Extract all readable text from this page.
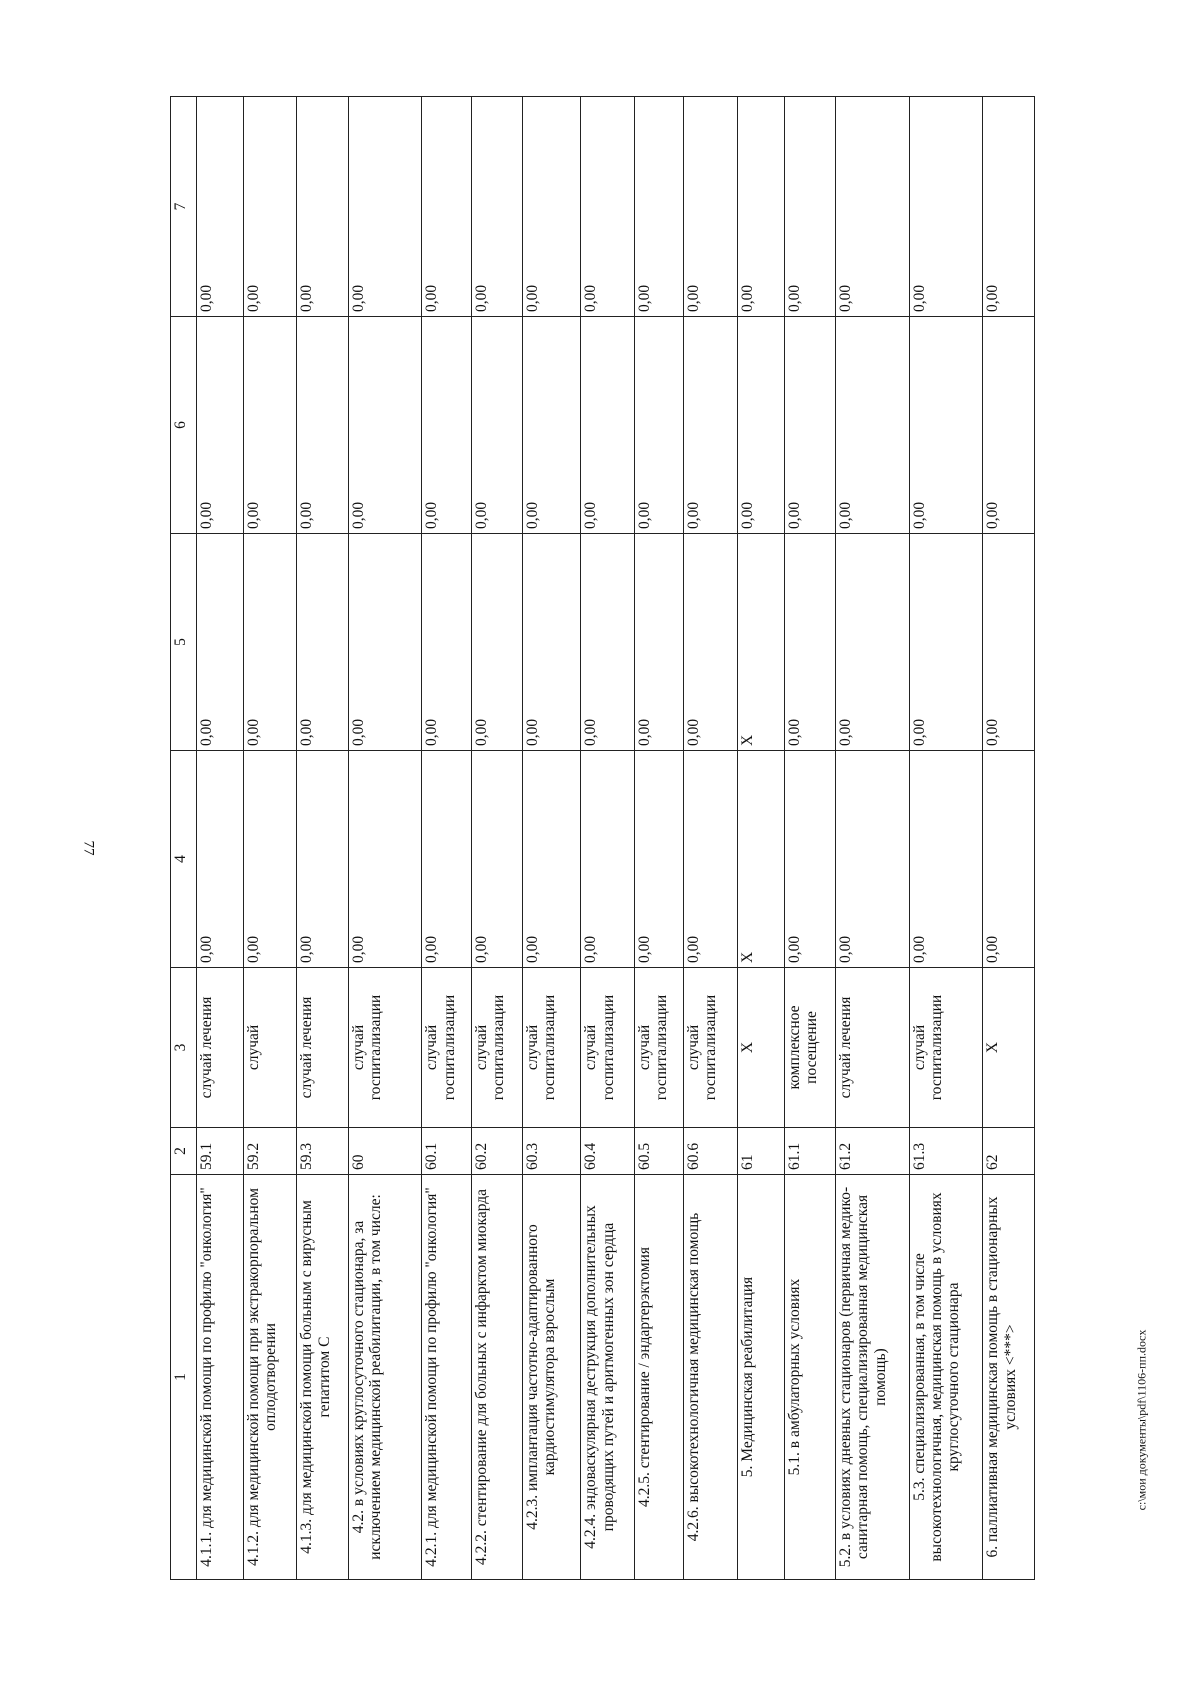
77
1	2	3	4	5	6	7
4.1.1. для медицинской помощи по профилю "онкология"	59.1	случай лечения	0,00	0,00	0,00	0,00
4.1.2. для медицинской помощи при экстракорпоральном оплодотворении	59.2	случай	0,00	0,00	0,00	0,00
4.1.3. для медицинской помощи больным с вирусным гепатитом С	59.3	случай лечения	0,00	0,00	0,00	0,00
4.2. в условиях круглосуточного стационара, за исключением медицинской реабилитации, в том числе:	60	случай госпитализации	0,00	0,00	0,00	0,00
4.2.1. для медицинской помощи по профилю "онкология"	60.1	случай госпитализации	0,00	0,00	0,00	0,00
4.2.2. стентирование для больных с инфарктом миокарда	60.2	случай госпитализации	0,00	0,00	0,00	0,00
4.2.3. имплантация частотно-адаптированного кардиостимулятора взрослым	60.3	случай госпитализации	0,00	0,00	0,00	0,00
4.2.4. эндоваскулярная деструкция дополнительных проводящих путей и аритмогенных зон сердца	60.4	случай госпитализации	0,00	0,00	0,00	0,00
4.2.5. стентирование / эндартерэктомия	60.5	случай госпитализации	0,00	0,00	0,00	0,00
4.2.6. высокотехнологичная медицинская помощь	60.6	случай госпитализации	0,00	0,00	0,00	0,00
5. Медицинская реабилитация	61	Х	Х	Х	0,00	0,00
5.1. в амбулаторных условиях	61.1	комплексное посещение	0,00	0,00	0,00	0,00
5.2. в условиях дневных стационаров (первичная медико-санитарная помощь, специализированная медицинская помощь)	61.2	случай лечения	0,00	0,00	0,00	0,00
5.3. специализированная, в том числе высокотехнологичная, медицинская помощь в условиях круглосуточного стационара	61.3	случай госпитализации	0,00	0,00	0,00	0,00
6. паллиативная медицинская помощь в стационарных условиях <***>	62	Х	0,00	0,00	0,00	0,00
c:\мои документы\pdf\1106-пп.docx
